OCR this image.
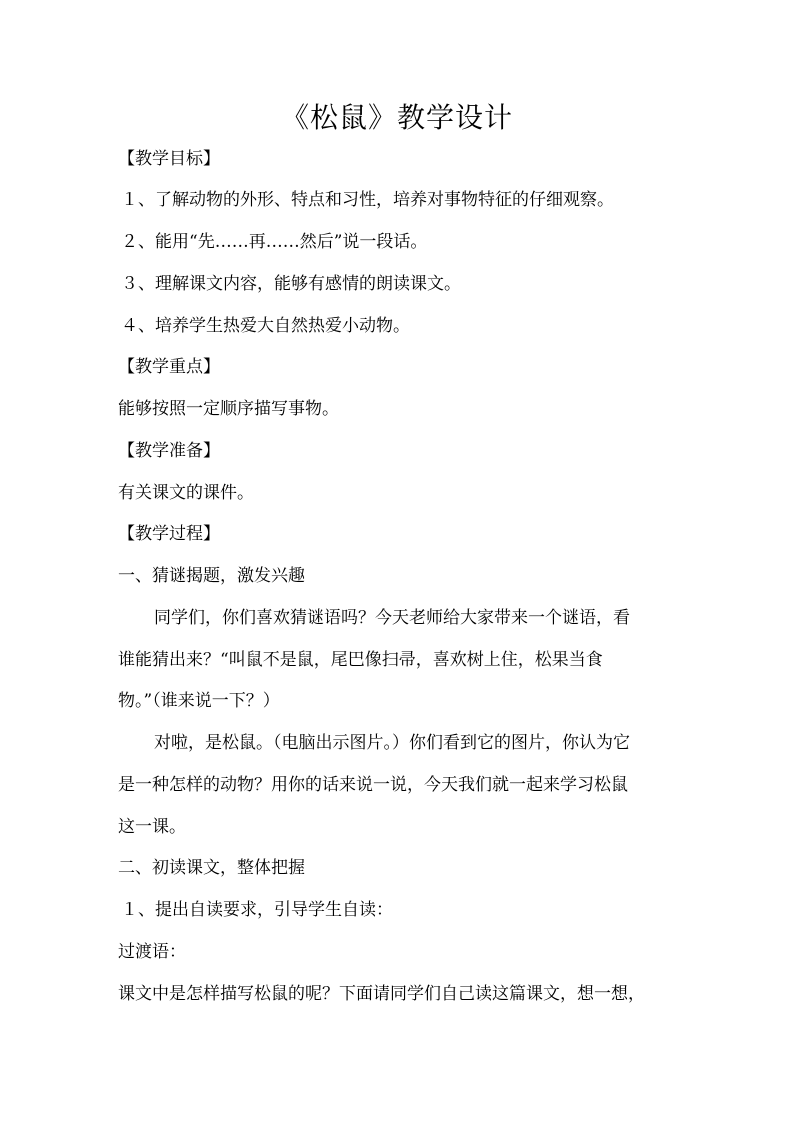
《松鼠》教学设计
【教学目标】
１、了解动物的外形、特点和习性，培养对事物特征的仔细观察。
２、能用“先……再……然后”说一段话。
３、理解课文内容，能够有感情的朗读课文。
４、培养学生热爱大自然热爱小动物。
【教学重点】
能够按照一定顺序描写事物。
【教学准备】
有关课文的课件。
【教学过程】
一、猜谜揭题，激发兴趣
同学们，你们喜欢猜谜语吗？今天老师给大家带来一个谜语，看
谁能猜出来？“叫鼠不是鼠，尾巴像扫帚，喜欢树上住，松果当食
物。”（谁来说一下？）
对啦，是松鼠。（电脑出示图片。）你们看到它的图片，你认为它
是一种怎样的动物？用你的话来说一说，今天我们就一起来学习松鼠
这一课。
二、初读课文，整体把握
１、提出自读要求，引导学生自读：
过渡语：
课文中是怎样描写松鼠的呢？下面请同学们自己读这篇课文，想一想，
